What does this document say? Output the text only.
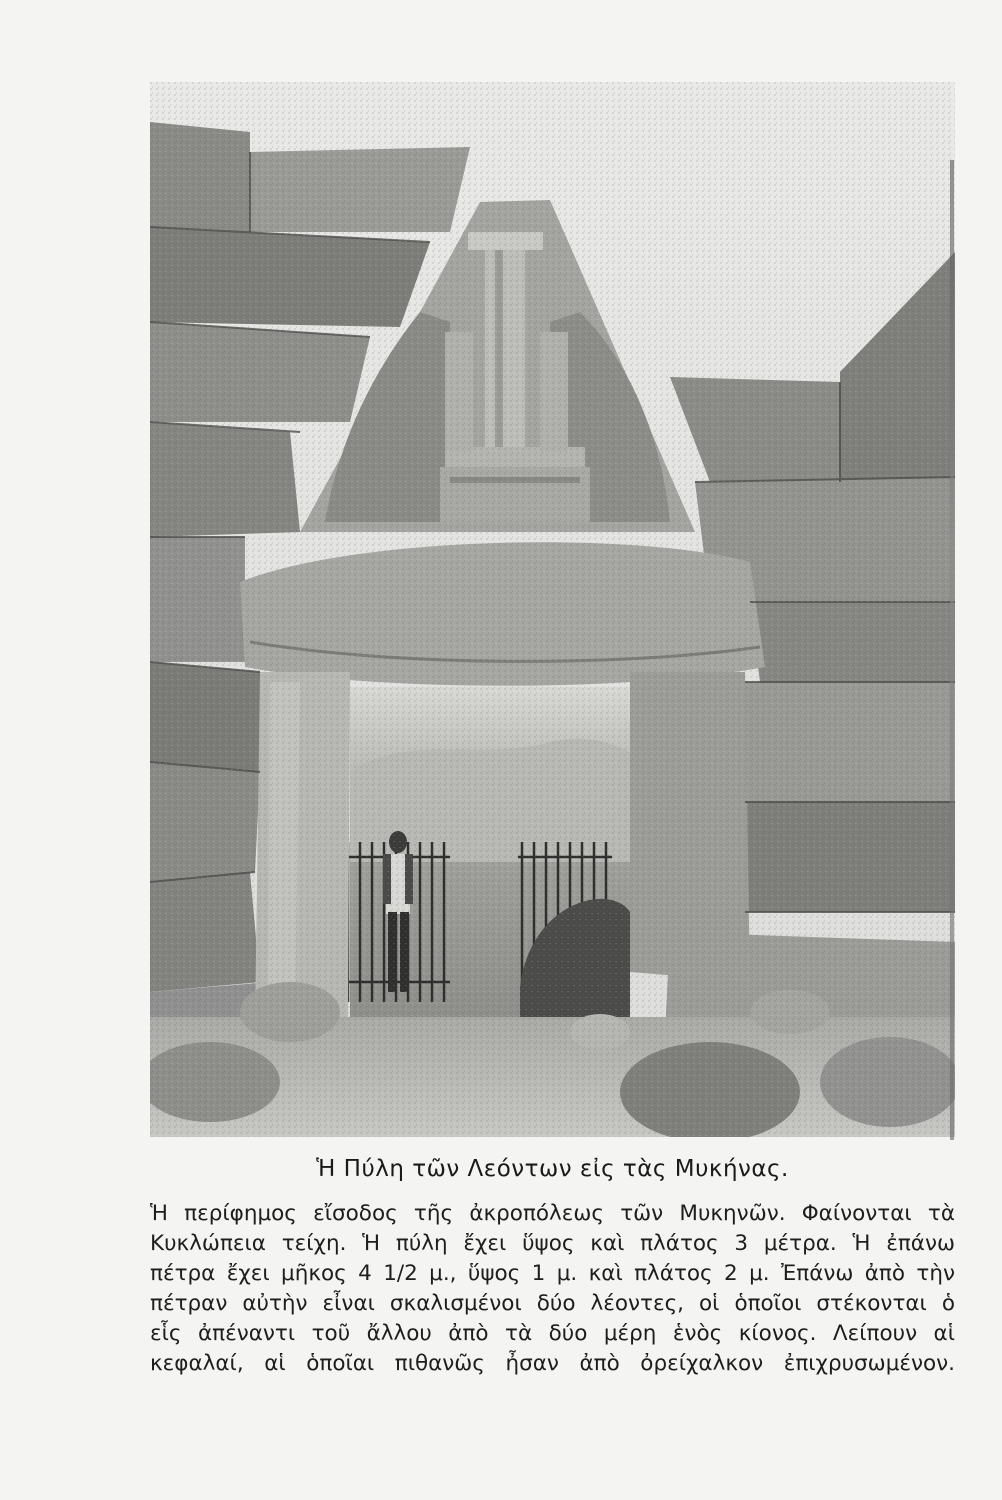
Ἡ Πύλη τῶν Λεόντων εἰς τὰς Μυκήνας.
Ἡ περίφημος εἴσοδος τῆς ἀκροπόλεως τῶν Μυκηνῶν. Φαίνονται τὰ
Κυκλώπεια τείχη. Ἡ πύλη ἔχει ὕψος καὶ πλάτος 3 μέτρα. Ἡ ἐπάνω
πέτρα ἔχει μῆκος 4 1/2 μ., ὕψος 1 μ. καὶ πλάτος 2 μ. Ἐπάνω ἀπὸ τὴν
πέτραν αὐτὴν εἶναι σκαλισμένοι δύο λέοντες, οἱ ὁποῖοι στέκονται ὁ
εἷς ἀπέναντι τοῦ ἄλλου ἀπὸ τὰ δύο μέρη ἑνὸς κίονος. Λείπουν αἱ
κεφαλαί, αἱ ὁποῖαι πιθανῶς ἦσαν ἀπὸ ὀρείχαλκον ἐπιχρυσωμένον.
